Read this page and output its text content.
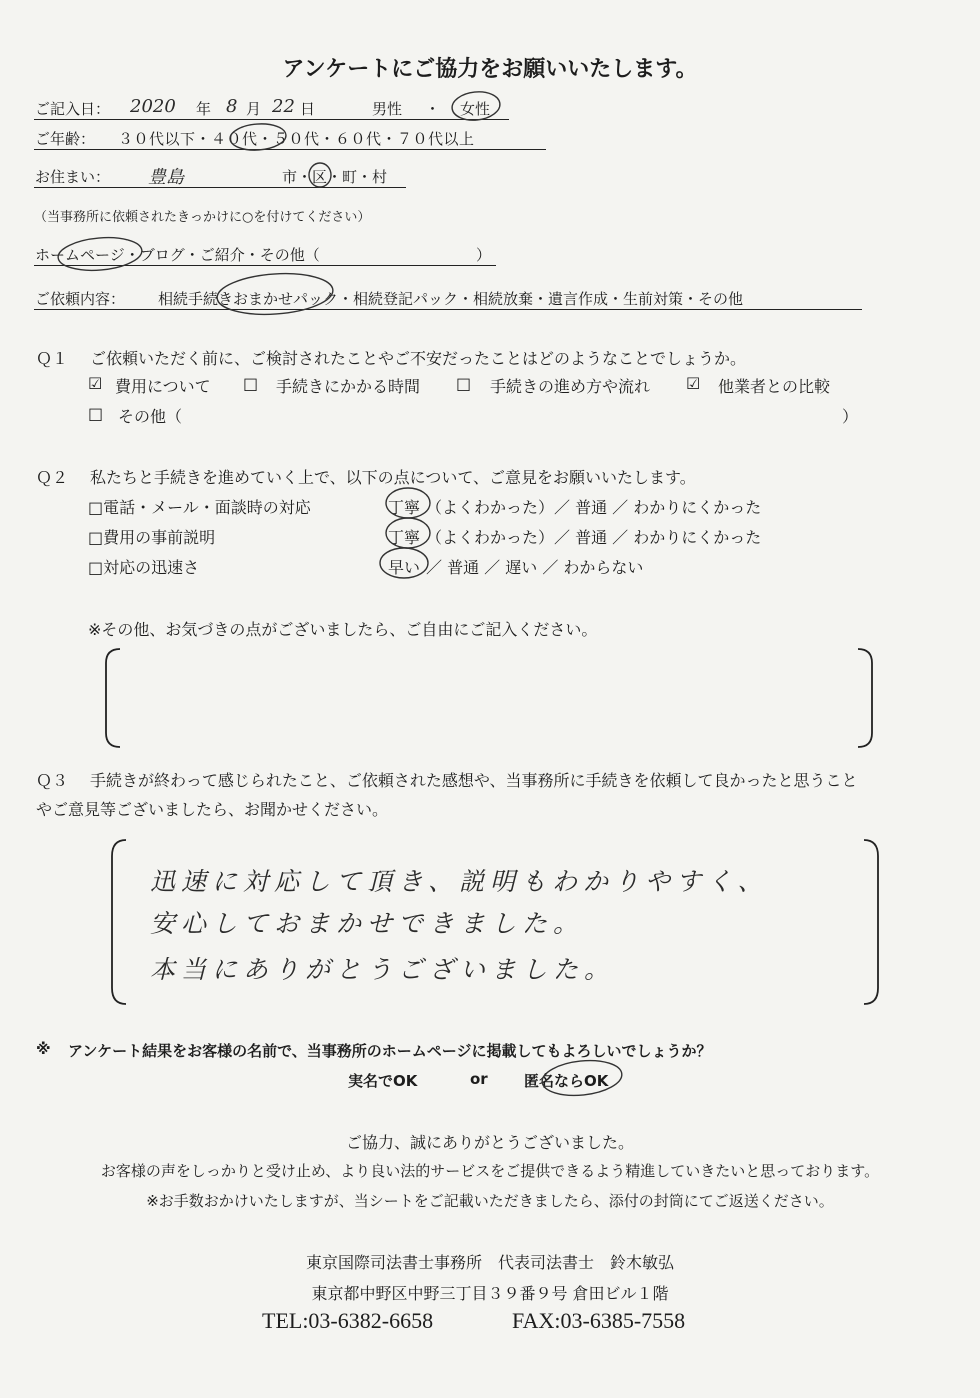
アンケートにご協力をお願いいたします。
ご記入日： 2020 年 8 月 22 日	男性 ・ 女性
ご年齢： ３０代以下・４０代・５０代・６０代・７０代以上
お住まい： 豊島	市・区・町・村
（当事務所に依頼されたきっかけに○を付けてください）
ホームページ・ブログ・ご紹介・その他（	）
ご依頼内容： 相続手続きおまかせパック・相続登記パック・相続放棄・遺言作成・生前対策・その他
Ｑ１ ご依頼いただく前に、ご検討されたことやご不安だったことはどのようなことでしょうか。
☑ 費用について □ 手続きにかかる時間 □ 手続きの進め方や流れ ☑ 他業者との比較
□ その他（	）
Ｑ２ 私たちと手続きを進めていく上で、以下の点について、ご意見をお願いいたします。
□電話・メール・面談時の対応	丁寧 （よくわかった）／ 普通 ／ わかりにくかった
□費用の事前説明	丁寧 （よくわかった）／ 普通 ／ わかりにくかった
□対応の迅速さ	早い ／ 普通 ／ 遅い ／ わからない
※その他、お気づきの点がございましたら、ご自由にご記入ください。
Ｑ３ 手続きが終わって感じられたこと、ご依頼された感想や、当事務所に手続きを依頼して良かったと思うこと
やご意見等ございましたら、お聞かせください。
迅速に対応して頂き、説明もわかりやすく、
安心しておまかせできました。
本当にありがとうございました。
※ アンケート結果をお客様の名前で、当事務所のホームページに掲載してもよろしいでしょうか？
実名でOK	or 匿名ならOK
ご協力、誠にありがとうございました。
お客様の声をしっかりと受け止め、より良い法的サービスをご提供できるよう精進していきたいと思っております。
※お手数おかけいたしますが、当シートをご記載いただきましたら、添付の封筒にてご返送ください。
東京国際司法書士事務所　代表司法書士　鈴木敏弘
東京都中野区中野三丁目３９番９号 倉田ビル１階
TEL:03-6382-6658	FAX:03-6385-7558
